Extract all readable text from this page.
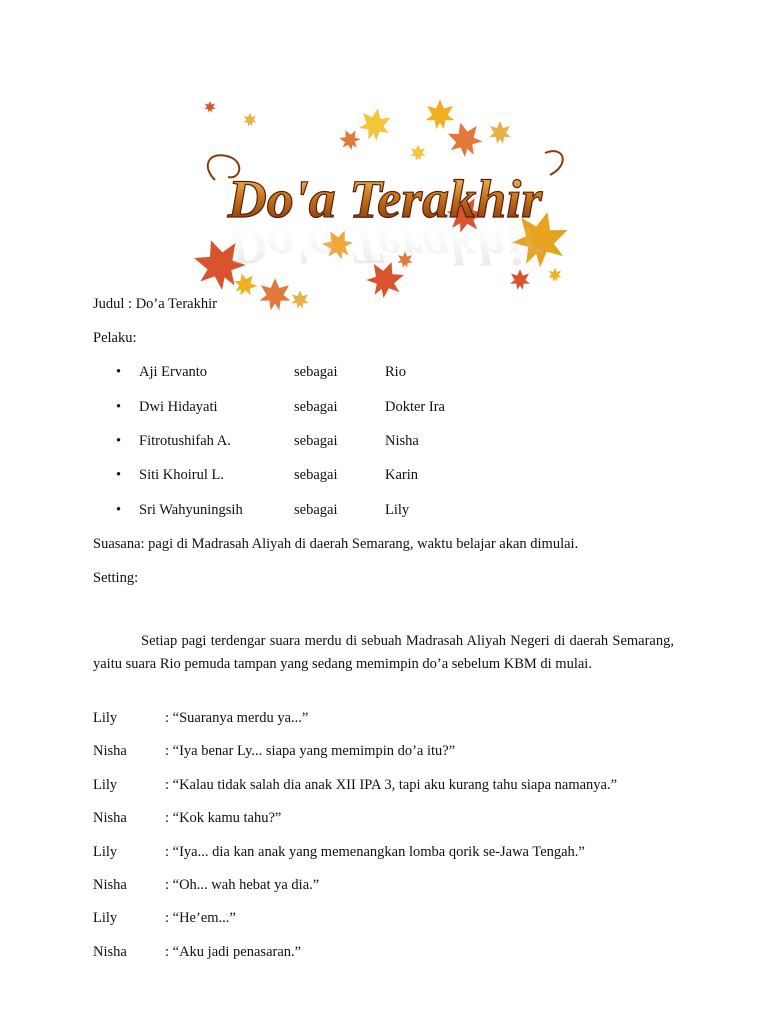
Do'a Terakhir
Do'a Terakhir
Judul : Do’a Terakhir
Pelaku:
• Aji Ervanto	sebagai	Rio
• Dwi Hidayati	sebagai	Dokter Ira
• Fitrotushifah A.	sebagai	Nisha
• Siti Khoirul L.	sebagai	Karin
• Sri Wahyuningsih	sebagai	Lily
Suasana: pagi di Madrasah Aliyah di daerah Semarang, waktu belajar akan dimulai.
Setting:
Setiap pagi terdengar suara merdu di sebuah Madrasah Aliyah Negeri di daerah Semarang, yaitu suara Rio pemuda tampan yang sedang memimpin do’a sebelum KBM di mulai.
Lily	: “Suaranya merdu ya...”
Nisha	: “Iya benar Ly... siapa yang memimpin do’a itu?”
Lily	: “Kalau tidak salah dia anak XII IPA 3, tapi aku kurang tahu siapa namanya.”
Nisha	: “Kok kamu tahu?”
Lily	: “Iya... dia kan anak yang memenangkan lomba qorik se-Jawa Tengah.”
Nisha	: “Oh... wah hebat ya dia.”
Lily	: “He’em...”
Nisha	: “Aku jadi penasaran.”
